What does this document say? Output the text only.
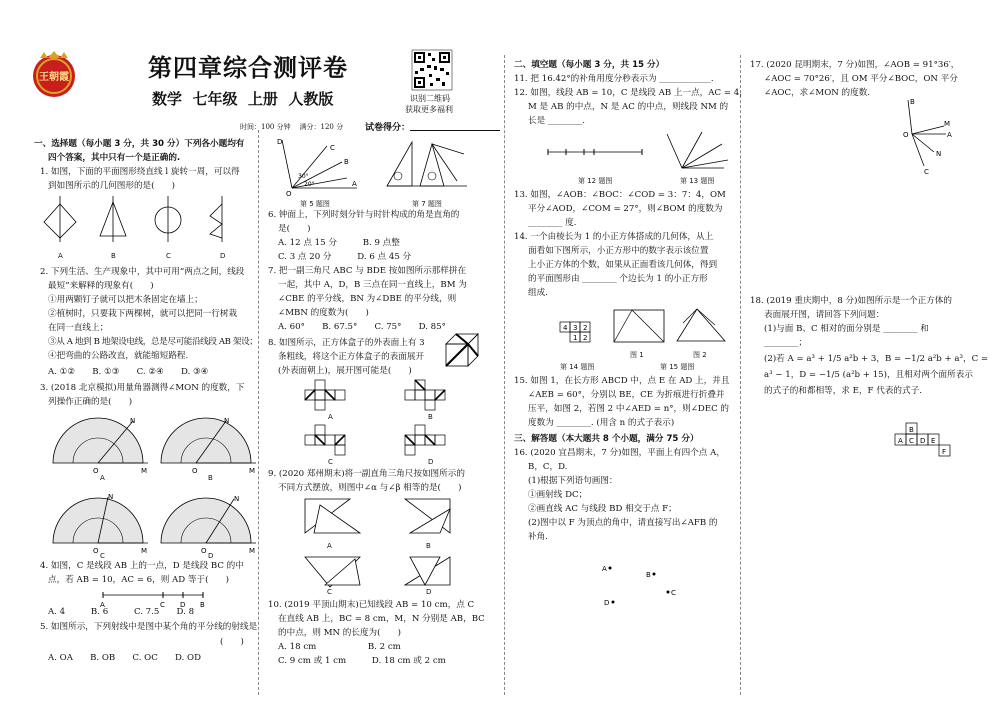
王朝霞	第四章综合测评卷
数学  七年级  上册  人教版	识别二维码
获取更多福利
时间：100 分钟    满分：120 分 试卷得分：
一、选择题（每小题 3 分，共 30 分）下列各小题均有
四个答案，其中只有一个是正确的.
1. 如图，下面的平面图形绕直线 l 旋转一周，可以得
到如图所示的几何图形的是(　　)
A	B	C	D
2. 下列生活、生产现象中，其中可用“两点之间，线段
最短”来解释的现象有(　　)
①用两颗钉子就可以把木条固定在墙上；
②植树时，只要栽下两棵树，就可以把同一行树栽
在同一直线上；
③从 A 地到 B 地架设电线，总是尽可能沿线段 AB 架设；
④把弯曲的公路改直，就能缩短路程.
A. ①②　　B. ①③　　C. ②④　　D. ③④
3. (2018 北京模拟)用量角器测得∠MON 的度数，下
列操作正确的是(　　)
N
O	M
N
O	M
N
O	M
N
O	M
A	B
C	D
4. 如图，C 是线段 AB 上的一点，D 是线段 BC 的中
点，若 AB = 10，AC = 6，则 AD 等于(　　)
A	C D B
A. 4　　　B. 6　　　C. 7.5　　D. 8
5. 如图所示，下列射线中是图中某个角的平分线的射线是
(　　)
A. OA　　B. OB　　C. OC　　D. OD
C
B
D
A
O
30°
20°
第 5 题图	第 7 题图
6. 钟面上，下列时刻分针与时针构成的角是直角的
是(　　)
A. 12 点 15 分　　　B. 9 点整
C. 3 点 20 分　　　D. 6 点 45 分
7. 把一副三角尺 ABC 与 BDE 按如图所示那样拼在
一起，其中 A，D，B 三点在同一直线上，BM 为
∠CBE 的平分线，BN 为∠DBE 的平分线，则
∠MBN 的度数为(　　)
A. 60°　　B. 67.5°　　C. 75°　　D. 85°
8. 如图所示，正方体盒子的外表面上有 3
条粗线，将这个正方体盒子的表面展开
(外表面朝上)，展开图可能是(　　)
A	B
C	D
9. (2020 郑州期末)将一副直角三角尺按如图所示的
不同方式摆放，则图中∠α 与∠β 相等的是(　　)
A	B
C	D
10. (2019 平顶山期末)已知线段 AB = 10 cm，点 C
在直线 AB 上，BC = 8 cm，M，N 分别是 AB，BC
的中点，则 MN 的长度为(　　)
A. 18 cm　　　　　　B. 2 cm
C. 9 cm 或 1 cm　　　D. 18 cm 或 2 cm
二、填空题（每小题 3 分，共 15 分）
11. 把 16.42°的补角用度分秒表示为 ____________.
12. 如图，线段 AB = 10，C 是线段 AB 上一点，AC = 4，
M 是 AB 的中点，N 是 AC 的中点，则线段 NM 的
长是 ________.
第 12 题图	第 13 题图
13. 如图，∠AOB：∠BOC：∠COD = 3：7：4，OM
平分∠AOD，∠COM = 27°，则∠BOM 的度数为
________ 度.
14. 一个由棱长为 1 的小正方体搭成的几何体，从上
面看如下图所示，小正方形中的数字表示该位置
上小正方体的个数，如果从正面看该几何体，得到
的平面图形由 ________ 个边长为 1 的小正方形
组成.
4 3 2
1 2
图 1	图 2
第 14 题图	第 15 题图
15. 如图 1，在长方形 ABCD 中，点 E 在 AD 上，并且
∠AEB = 60°，分别以 BE，CE 为折痕进行折叠并
压平，如图 2，若图 2 中∠AED = n°，则∠DEC 的
度数为 ________. (用含 n 的式子表示)
三、解答题（本大题共 8 个小题，满分 75 分）
16. (2020 宜昌期末，7 分)如图，平面上有四个点 A，
B，C，D.
(1)根据下列语句画图：
①画射线 DC；
②画直线 AC 与线段 BD 相交于点 F；
(2)图中以 F 为顶点的角中，请直接写出∠AFB 的
补角.
A
B
C
D
17. (2020 昆明期末，7 分)如图，∠AOB = 91°36′，
∠AOC = 70°26′，且 OM 平分∠BOC，ON 平分
∠AOC，求∠MON 的度数.
B
M
A
O
N
C
18. (2019 重庆期中，8 分)如图所示是一个正方体的
表面展开图，请回答下列问题：
(1)与面 B、C 相对的面分别是 ________ 和
________；
(2)若 A = a³ + 1/5 a²b + 3，B = −1/2 a²b + a³，C =
a³ − 1，D = −1/5 (a²b + 15)，且相对两个面所表示
的式子的和都相等，求 E，F 代表的式子.
A C D E
B
F
